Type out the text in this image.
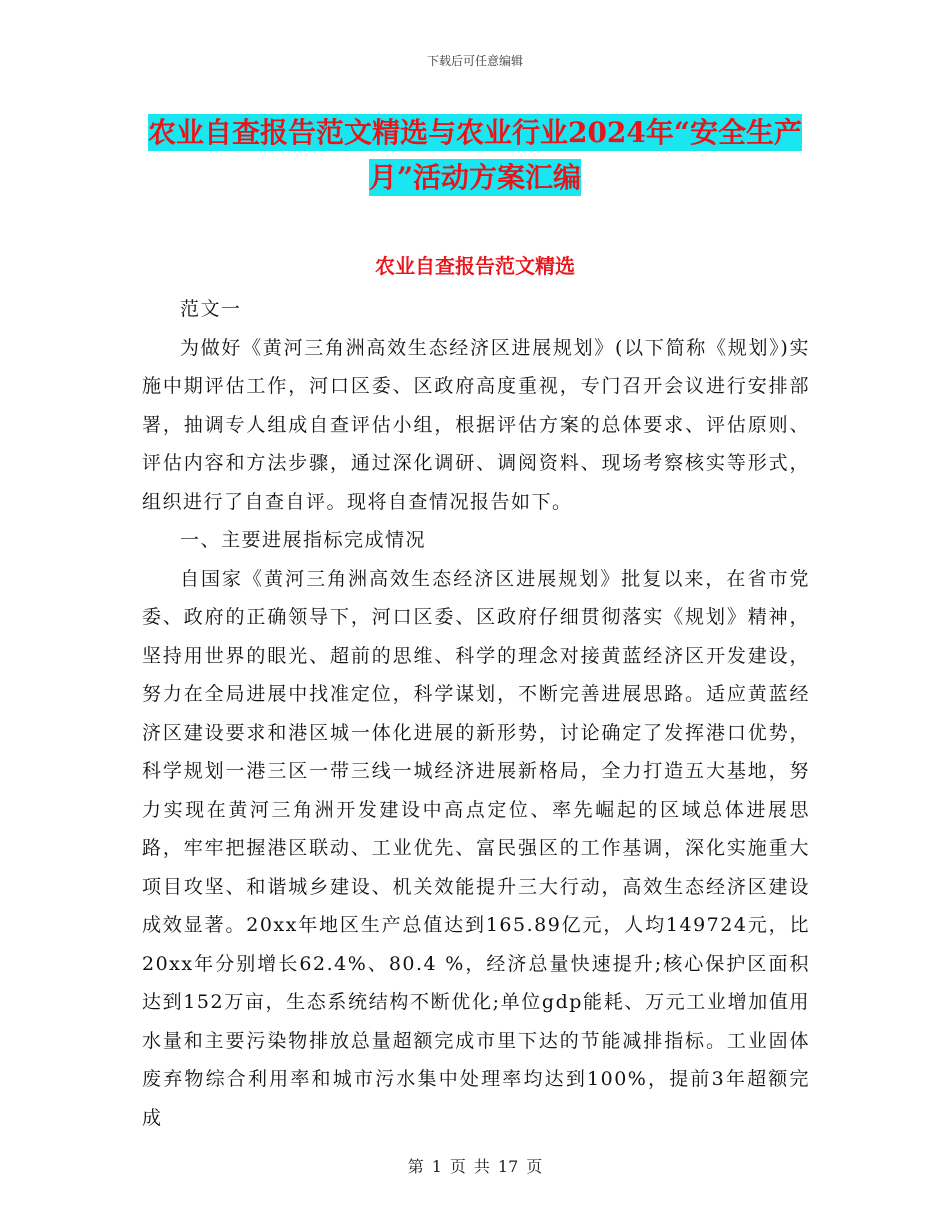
下载后可任意编辑
农业自查报告范文精选与农业行业2024年“安全生产
月”活动方案汇编
农业自查报告范文精选

范文一

为做好《黄河三角洲高效生态经济区进展规划》(以下简称《规划》)实施中期评估工作，河口区委、区政府高度重视，专门召开会议进行安排部署，抽调专人组成自查评估小组，根据评估方案的总体要求、评估原则、评估内容和方法步骤，通过深化调研、调阅资料、现场考察核实等形式，组织进行了自查自评。现将自查情况报告如下。

一、主要进展指标完成情况

自国家《黄河三角洲高效生态经济区进展规划》批复以来，在省市党委、政府的正确领导下，河口区委、区政府仔细贯彻落实《规划》精神，坚持用世界的眼光、超前的思维、科学的理念对接黄蓝经济区开发建设，努力在全局进展中找准定位，科学谋划，不断完善进展思路。适应黄蓝经济区建设要求和港区城一体化进展的新形势，讨论确定了发挥港口优势，科学规划一港三区一带三线一城经济进展新格局，全力打造五大基地，努力实现在黄河三角洲开发建设中高点定位、率先崛起的区域总体进展思路，牢牢把握港区联动、工业优先、富民强区的工作基调，深化实施重大项目攻坚、和谐城乡建设、机关效能提升三大行动，高效生态经济区建设成效显著。20xx年地区生产总值达到165.89亿元，人均149724元，比20xx年分别增长62.4%、80.4 %，经济总量快速提升;核心保护区面积达到152万亩，生态系统结构不断优化;单位gdp能耗、万元工业增加值用水量和主要污染物排放总量超额完成市里下达的节能减排指标。工业固体废弃物综合利用率和城市污水集中处理率均达到100%，提前3年超额完成

第 1 页 共 17 页
